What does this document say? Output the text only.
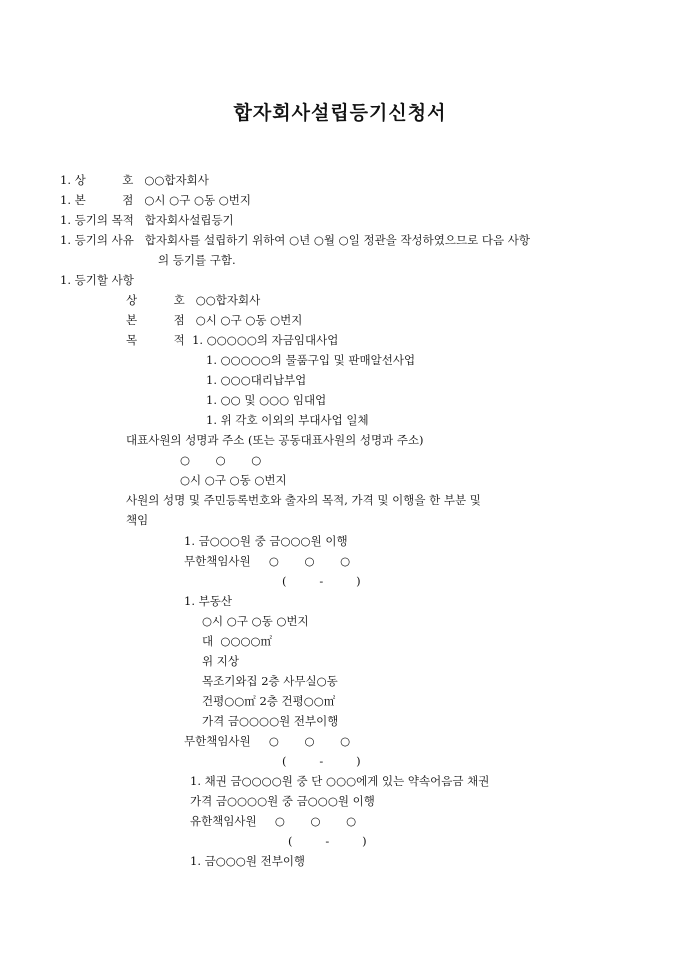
합자회사설립등기신청서
1. 상          호   ○○합자회사
1. 본          점   ○시 ○구 ○동 ○번지
1. 등기의 목적   합자회사설립등기
1. 등기의 사유   합자회사를 설립하기 위하여 ○년 ○월 ○일 정관을 작성하였으므로 다음 사항
의 등기를 구함.
1. 등기할 사항
상          호   ○○합자회사
본          점   ○시 ○구 ○동 ○번지
목          적  1. ○○○○○의 자금임대사업
1. ○○○○○의 물품구입 및 판매알선사업
1. ○○○대리납부업
1. ○○ 및 ○○○ 임대업
1. 위 각호 이외의 부대사업 일체
대표사원의 성명과 주소 (또는 공동대표사원의 성명과 주소)
○       ○       ○
○시 ○구 ○동 ○번지
사원의 성명 및 주민등록번호와 출자의 목적, 가격 및 이행을 한 부분 및
책임
1. 금○○○원 중 금○○○원 이행
무한책임사원     ○       ○       ○
(         -         )
1. 부동산
○시 ○구 ○동 ○번지
대  ○○○○㎡
위 지상
목조기와집 2층 사무실○동
건평○○㎡ 2층 건평○○㎡
가격 금○○○○원 전부이행
무한책임사원     ○       ○       ○
(         -         )
1. 채권 금○○○○원 중 단 ○○○에게 있는 약속어음금 채권
가격 금○○○○원 중 금○○○원 이행
유한책임사원     ○       ○       ○
(         -         )
1. 금○○○원 전부이행
